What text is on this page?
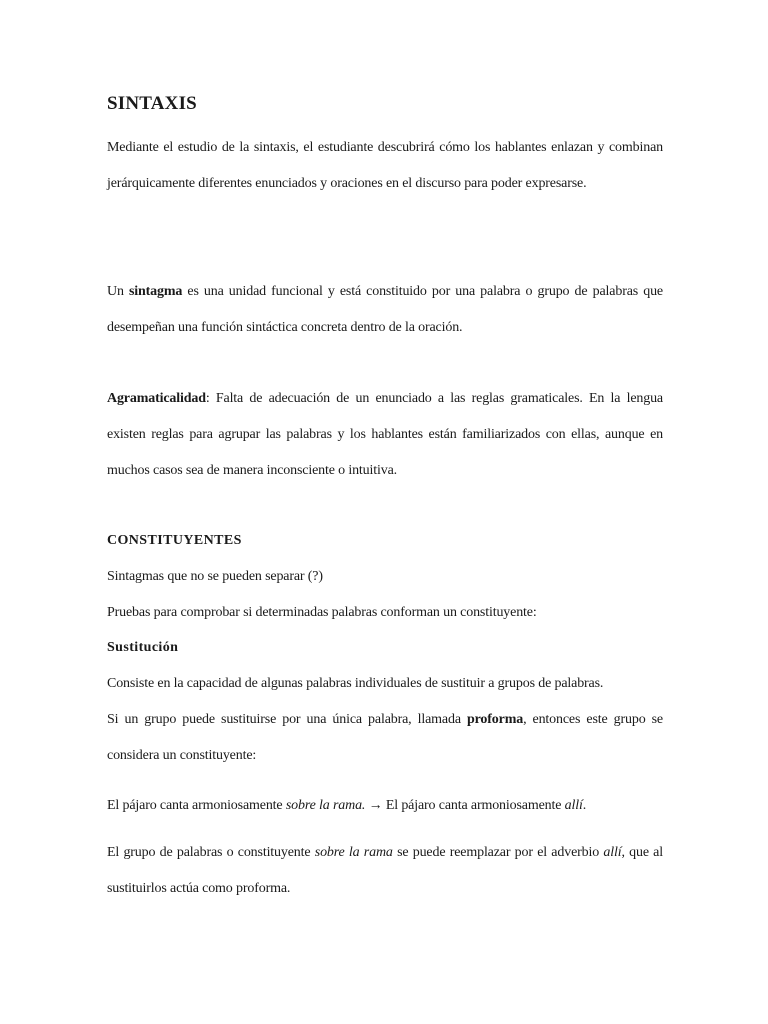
SINTAXIS

Mediante el estudio de la sintaxis, el estudiante descubrirá cómo los hablantes enlazan y combinan jerárquicamente diferentes enunciados y oraciones en el discurso para poder expresarse.

Un sintagma es una unidad funcional y está constituido por una palabra o grupo de palabras que desempeñan una función sintáctica concreta dentro de la oración.

Agramaticalidad: Falta de adecuación de un enunciado a las reglas gramaticales. En la lengua existen reglas para agrupar las palabras y los hablantes están familiarizados con ellas, aunque en muchos casos sea de manera inconsciente o intuitiva.

CONSTITUYENTES

Sintagmas que no se pueden separar (?)

Pruebas para comprobar si determinadas palabras conforman un constituyente:

Sustitución

Consiste en la capacidad de algunas palabras individuales de sustituir a grupos de palabras.

Si un grupo puede sustituirse por una única palabra, llamada proforma, entonces este grupo se considera un constituyente:

El pájaro canta armoniosamente sobre la rama. → El pájaro canta armoniosamente allí.

El grupo de palabras o constituyente sobre la rama se puede reemplazar por el adverbio allí, que al sustituirlos actúa como proforma.
